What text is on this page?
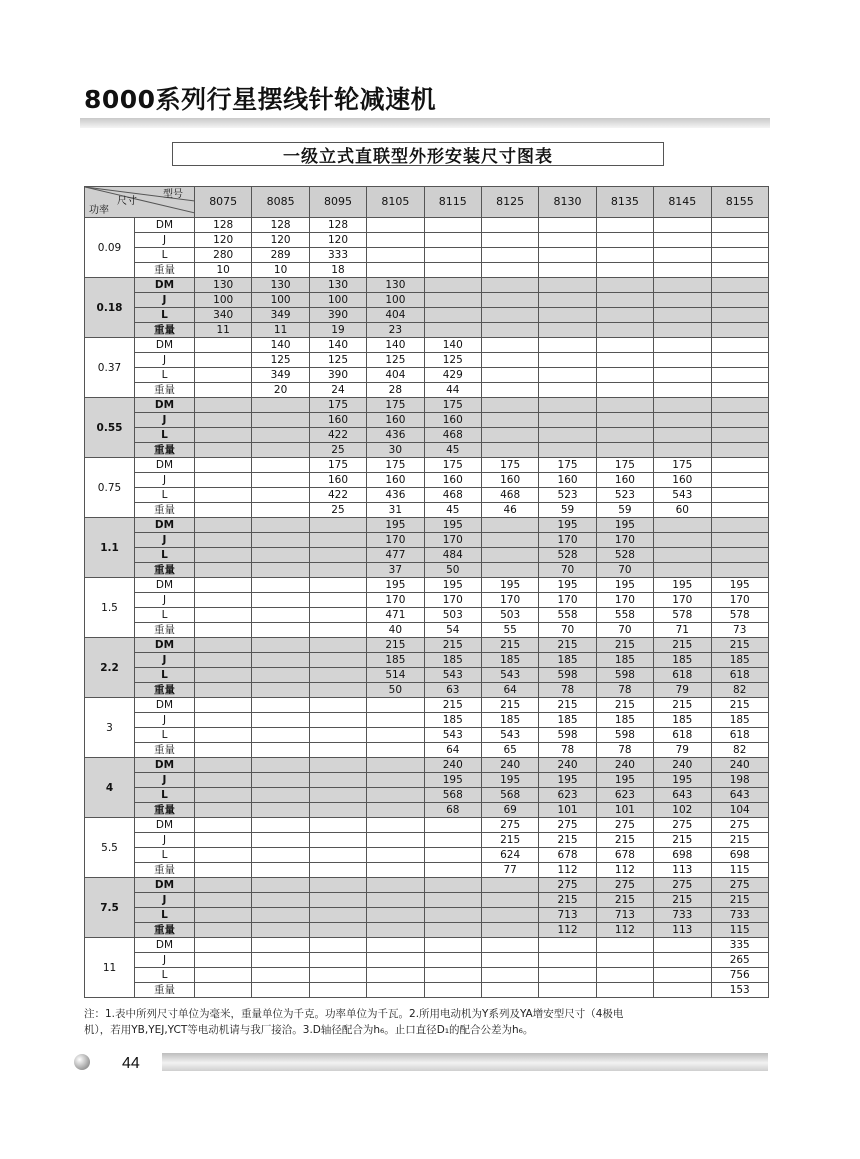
8000系列行星摆线针轮减速机
一级立式直联型外形安装尺寸图表
型号
尺寸
功率		8075	8085	8095	8105	8115	8125	8130	8135	8145	8155
0.09	DM	128	128	128							
	J	120	120	120							
	L	280	289	333							
	重量	10	10	18							
0.18	DM	130	130	130	130						
	J	100	100	100	100						
	L	340	349	390	404						
	重量	11	11	19	23						
0.37	DM		140	140	140	140					
	J		125	125	125	125					
	L		349	390	404	429					
	重量		20	24	28	44					
0.55	DM			175	175	175					
	J			160	160	160					
	L			422	436	468					
	重量			25	30	45					
0.75	DM			175	175	175	175	175	175	175	
	J			160	160	160	160	160	160	160	
	L			422	436	468	468	523	523	543	
	重量			25	31	45	46	59	59	60	
1.1	DM				195	195		195	195		
	J				170	170		170	170		
	L				477	484		528	528		
	重量				37	50		70	70		
1.5	DM				195	195	195	195	195	195	195
	J				170	170	170	170	170	170	170
	L				471	503	503	558	558	578	578
	重量				40	54	55	70	70	71	73
2.2	DM				215	215	215	215	215	215	215
	J				185	185	185	185	185	185	185
	L				514	543	543	598	598	618	618
	重量				50	63	64	78	78	79	82
3	DM					215	215	215	215	215	215
	J					185	185	185	185	185	185
	L					543	543	598	598	618	618
	重量					64	65	78	78	79	82
4	DM					240	240	240	240	240	240
	J					195	195	195	195	195	198
	L					568	568	623	623	643	643
	重量					68	69	101	101	102	104
5.5	DM						275	275	275	275	275
	J						215	215	215	215	215
	L						624	678	678	698	698
	重量						77	112	112	113	115
7.5	DM							275	275	275	275
	J							215	215	215	215
	L							713	713	733	733
	重量							112	112	113	115
11	DM										335
	J										265
	L										756
	重量										153
注：1.表中所列尺寸单位为毫米，重量单位为千克。功率单位为千瓦。2.所用电动机为Y系列及YA增安型尺寸（4极电
机），若用YB,YEJ,YCT等电动机请与我厂接洽。3.D轴径配合为h₆。止口直径D₁的配合公差为h₆。
44
